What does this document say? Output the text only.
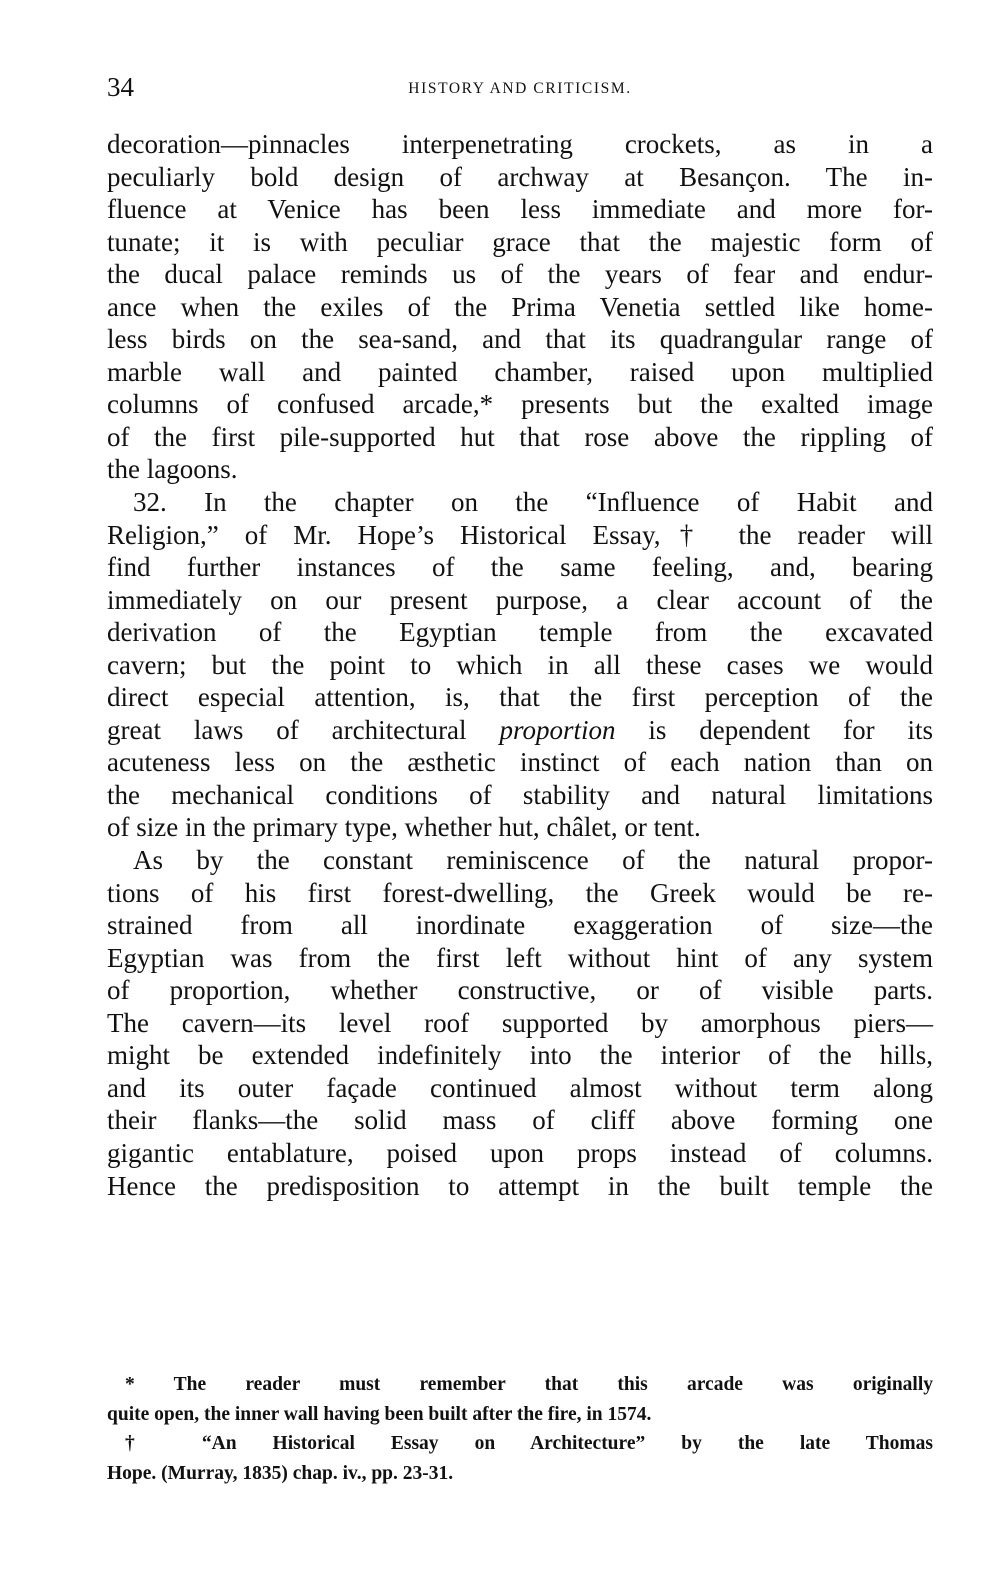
34	HISTORY AND CRITICISM.
decoration—pinnacles interpenetrating crockets, as in a
peculiarly bold design of archway at Besançon. The in-
fluence at Venice has been less immediate and more for-
tunate; it is with peculiar grace that the majestic form of
the ducal palace reminds us of the years of fear and endur-
ance when the exiles of the Prima Venetia settled like home-
less birds on the sea-sand, and that its quadrangular range of
marble wall and painted chamber, raised upon multiplied
columns of confused arcade,* presents but the exalted image
of the first pile-supported hut that rose above the rippling of
the lagoons.
32. In the chapter on the “Influence of Habit and
Religion,” of Mr. Hope’s Historical Essay,† the reader will
find further instances of the same feeling, and, bearing
immediately on our present purpose, a clear account of the
derivation of the Egyptian temple from the excavated
cavern; but the point to which in all these cases we would
direct especial attention, is, that the first perception of the
great laws of architectural proportion is dependent for its
acuteness less on the æsthetic instinct of each nation than on
the mechanical conditions of stability and natural limitations
of size in the primary type, whether hut, châlet, or tent.
As by the constant reminiscence of the natural propor-
tions of his first forest-dwelling, the Greek would be re-
strained from all inordinate exaggeration of size—the
Egyptian was from the first left without hint of any system
of proportion, whether constructive, or of visible parts.
The cavern—its level roof supported by amorphous piers—
might be extended indefinitely into the interior of the hills,
and its outer façade continued almost without term along
their flanks—the solid mass of cliff above forming one
gigantic entablature, poised upon props instead of columns.
Hence the predisposition to attempt in the built temple the
* The reader must remember that this arcade was originally
quite open, the inner wall having been built after the fire, in 1574.
† “An Historical Essay on Architecture” by the late Thomas
Hope. (Murray, 1835) chap. iv., pp. 23-31.
